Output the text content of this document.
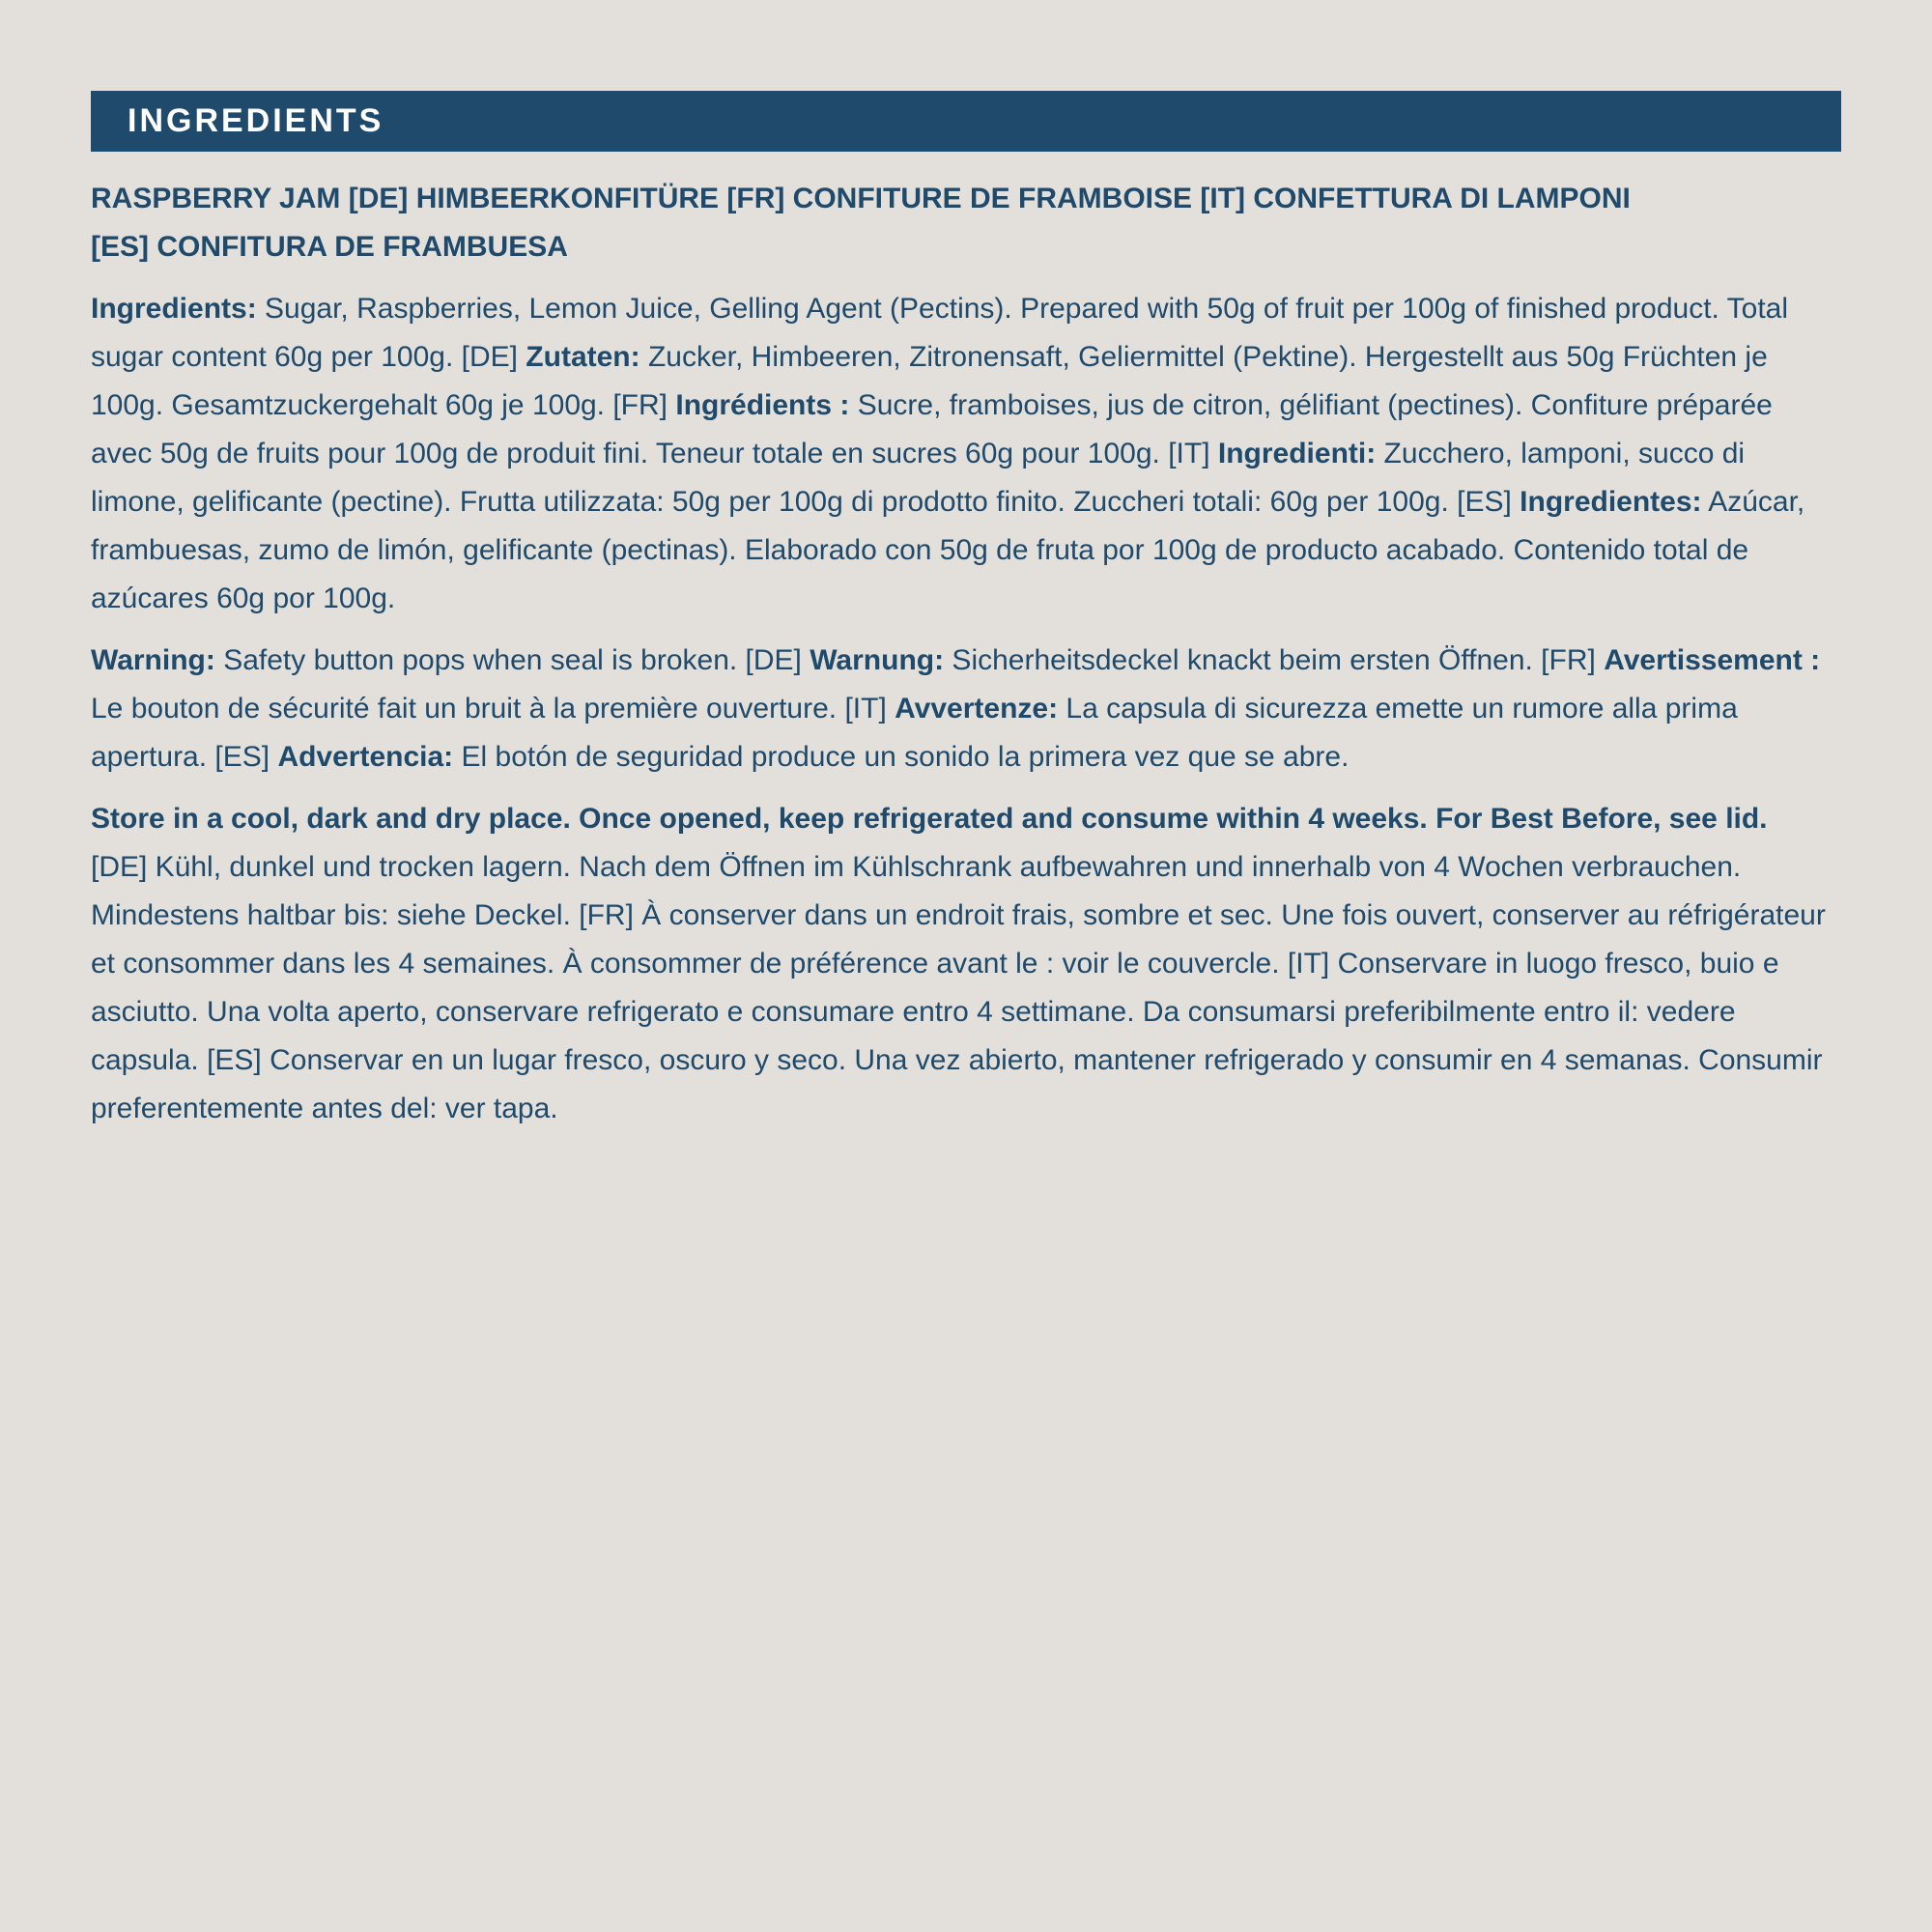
INGREDIENTS
RASPBERRY JAM [DE] HIMBEERKONFITÜRE [FR] CONFITURE DE FRAMBOISE [IT] CONFETTURA DI LAMPONI
[ES] CONFITURA DE FRAMBUESA
Ingredients: Sugar, Raspberries, Lemon Juice, Gelling Agent (Pectins). Prepared with 50g of fruit per 100g of finished product. Total sugar content 60g per 100g. [DE] Zutaten: Zucker, Himbeeren, Zitronensaft, Geliermittel (Pektine). Hergestellt aus 50g Früchten je 100g. Gesamtzuckergehalt 60g je 100g. [FR] Ingrédients : Sucre, framboises, jus de citron, gélifiant (pectines). Confiture préparée avec 50g de fruits pour 100g de produit fini. Teneur totale en sucres 60g pour 100g. [IT] Ingredienti: Zucchero, lamponi, succo di limone, gelificante (pectine). Frutta utilizzata: 50g per 100g di prodotto finito. Zuccheri totali: 60g per 100g. [ES] Ingredientes: Azúcar, frambuesas, zumo de limón, gelificante (pectinas). Elaborado con 50g de fruta por 100g de producto acabado. Contenido total de azúcares 60g por 100g.
Warning: Safety button pops when seal is broken. [DE] Warnung: Sicherheitsdeckel knackt beim ersten Öffnen. [FR] Avertissement : Le bouton de sécurité fait un bruit à la première ouverture. [IT] Avvertenze: La capsula di sicurezza emette un rumore alla prima apertura. [ES] Advertencia: El botón de seguridad produce un sonido la primera vez que se abre.
Store in a cool, dark and dry place. Once opened, keep refrigerated and consume within 4 weeks. For Best Before, see lid.
[DE] Kühl, dunkel und trocken lagern. Nach dem Öffnen im Kühlschrank aufbewahren und innerhalb von 4 Wochen verbrauchen. Mindestens haltbar bis: siehe Deckel. [FR] À conserver dans un endroit frais, sombre et sec. Une fois ouvert, conserver au réfrigérateur et consommer dans les 4 semaines. À consommer de préférence avant le : voir le couvercle. [IT] Conservare in luogo fresco, buio e asciutto. Una volta aperto, conservare refrigerato e consumare entro 4 settimane. Da consumarsi preferibilmente entro il: vedere capsula. [ES] Conservar en un lugar fresco, oscuro y seco. Una vez abierto, mantener refrigerado y consumir en 4 semanas. Consumir preferentemente antes del: ver tapa.
